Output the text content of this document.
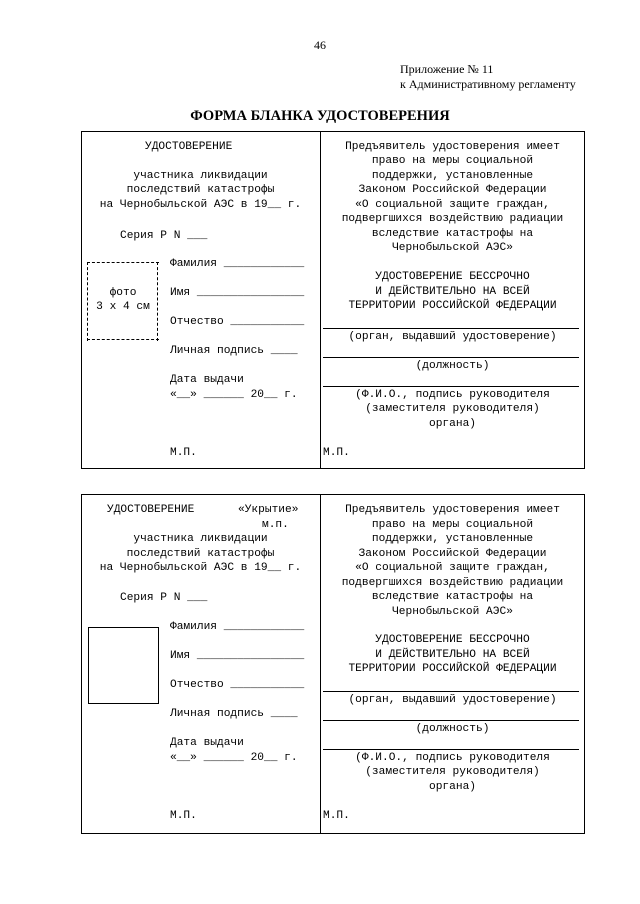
46
Приложение № 11
к Административному регламенту
ФОРМА БЛАНКА УДОСТОВЕРЕНИЯ
УДОСТОВЕРЕНИЕ
участника ликвидации
последствий катастрофы
на Чернобыльской АЭС в 19__ г.
Серия Р N ___
фото
3 х 4 см
Фамилия ____________
Имя ________________
Отчество ___________
Личная подпись ____
Дата выдачи
«__» ______ 20__ г.
М.П.
Предъявитель удостоверения имеет
право на меры социальной
поддержки, установленные
Законом Российской Федерации
«О социальной защите граждан,
подвергшихся воздействию радиации
вследствие катастрофы на
Чернобыльской АЭС»
УДОСТОВЕРЕНИЕ БЕССРОЧНО
И ДЕЙСТВИТЕЛЬНО НА ВСЕЙ
ТЕРРИТОРИИ РОССИЙСКОЙ ФЕДЕРАЦИИ
(орган, выдавший удостоверение)
(должность)
(Ф.И.О., подпись руководителя
(заместителя руководителя)
органа)
М.П.
УДОСТОВЕРЕНИЕ	«Укрытие»
м.п.
участника ликвидации
последствий катастрофы
на Чернобыльской АЭС в 19__ г.
Серия Р N ___
Фамилия ____________
Имя ________________
Отчество ___________
Личная подпись ____
Дата выдачи
«__» ______ 20__ г.
М.П.
Предъявитель удостоверения имеет
право на меры социальной
поддержки, установленные
Законом Российской Федерации
«О социальной защите граждан,
подвергшихся воздействию радиации
вследствие катастрофы на
Чернобыльской АЭС»
УДОСТОВЕРЕНИЕ БЕССРОЧНО
И ДЕЙСТВИТЕЛЬНО НА ВСЕЙ
ТЕРРИТОРИИ РОССИЙСКОЙ ФЕДЕРАЦИИ
(орган, выдавший удостоверение)
(должность)
(Ф.И.О., подпись руководителя
(заместителя руководителя)
органа)
М.П.
